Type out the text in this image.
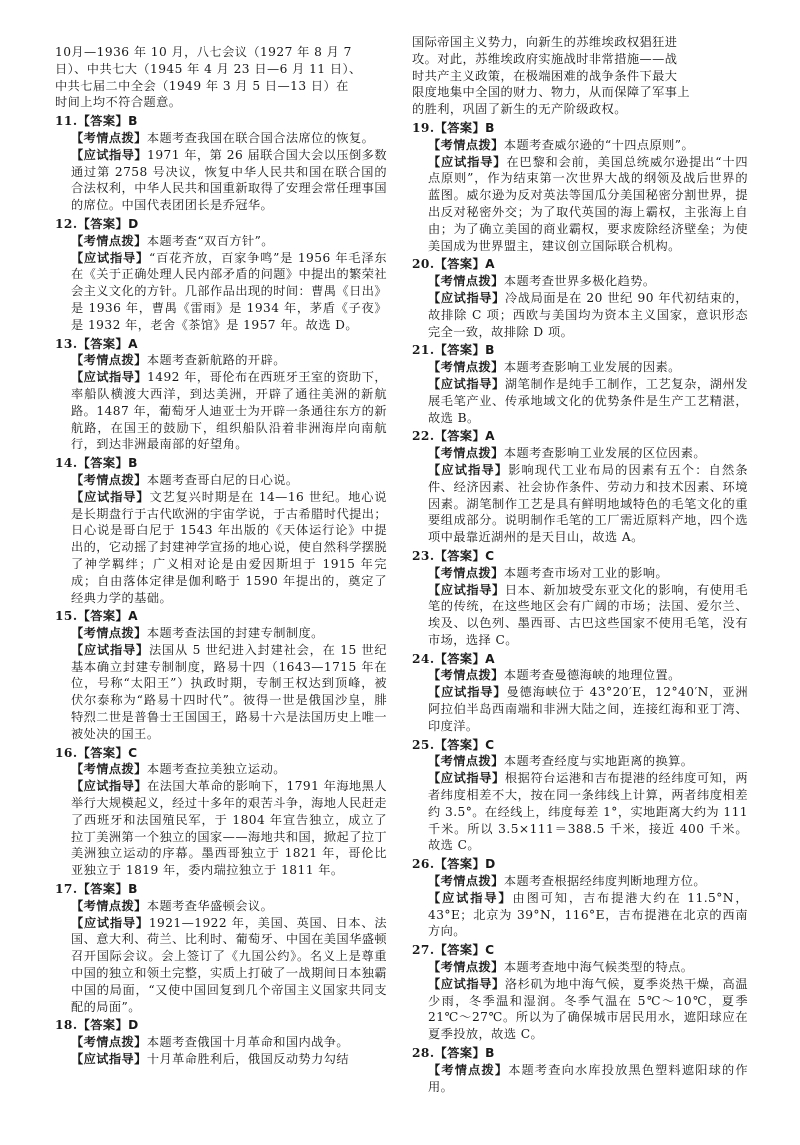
10月—1936 年 10 月，八七会议（1927 年 8 月 7
日）、中共七大（1945 年 4 月 23 日—6 月 11 日）、
中共七届二中全会（1949 年 3 月 5 日—13 日）在
时间上均不符合题意。
11.【答案】B
【考情点拨】本题考查我国在联合国合法席位的恢复。
【应试指导】1971 年，第 26 届联合国大会以压倒多数通过第 2758 号决议，恢复中华人民共和国在联合国的合法权利，中华人民共和国重新取得了安理会常任理事国的席位。中国代表团团长是乔冠华。
12.【答案】D
【考情点拨】本题考查“双百方针”。
【应试指导】“百花齐放，百家争鸣”是 1956 年毛泽东在《关于正确处理人民内部矛盾的问题》中提出的繁荣社会主义文化的方针。几部作品出现的时间：曹禺《日出》是 1936 年，曹禺《雷雨》是 1934 年，茅盾《子夜》是 1932 年，老舍《茶馆》是 1957 年。故选 D。
13.【答案】A
【考情点拨】本题考查新航路的开辟。
【应试指导】1492 年，哥伦布在西班牙王室的资助下，率船队横渡大西洋，到达美洲，开辟了通往美洲的新航路。1487 年，葡萄牙人迪亚士为开辟一条通往东方的新航路，在国王的鼓励下，组织船队沿着非洲海岸向南航行，到达非洲最南部的好望角。
14.【答案】B
【考情点拨】本题考查哥白尼的日心说。
【应试指导】文艺复兴时期是在 14—16 世纪。地心说是长期盘行于古代欧洲的宇宙学说，于古希腊时代提出；日心说是哥白尼于 1543 年出版的《天体运行论》中提出的，它动摇了封建神学宣扬的地心说，使自然科学摆脱了神学羁绊；广义相对论是由爱因斯坦于 1915 年完成；自由落体定律是伽利略于 1590 年提出的，奠定了经典力学的基础。
15.【答案】A
【考情点拨】本题考查法国的封建专制制度。
【应试指导】法国从 5 世纪进入封建社会，在 15 世纪基本确立封建专制制度，路易十四（1643—1715 年在位，号称“太阳王”）执政时期，专制王权达到顶峰，被伏尔泰称为“路易十四时代”。彼得一世是俄国沙皇，腓特烈二世是普鲁士王国国王，路易十六是法国历史上唯一被处决的国王。
16.【答案】C
【考情点拨】本题考查拉美独立运动。
【应试指导】在法国大革命的影响下，1791 年海地黑人举行大规模起义，经过十多年的艰苦斗争，海地人民赶走了西班牙和法国殖民军，于 1804 年宣告独立，成立了拉丁美洲第一个独立的国家——海地共和国，掀起了拉丁美洲独立运动的序幕。墨西哥独立于 1821 年，哥伦比亚独立于 1819 年，委内瑞拉独立于 1811 年。
17.【答案】B
【考情点拨】本题考查华盛顿会议。
【应试指导】1921—1922 年，美国、英国、日本、法国、意大利、荷兰、比利时、葡萄牙、中国在美国华盛顿召开国际会议。会上签订了《九国公约》。名义上是尊重中国的独立和领土完整，实质上打破了一战期间日本独霸中国的局面，“又使中国回复到几个帝国主义国家共同支配的局面”。
18.【答案】D
【考情点拨】本题考查俄国十月革命和国内战争。
【应试指导】十月革命胜利后，俄国反动势力勾结
国际帝国主义势力，向新生的苏维埃政权猖狂进
攻。对此，苏维埃政府实施战时非常措施——战
时共产主义政策，在极端困难的战争条件下最大
限度地集中全国的财力、物力，从而保障了军事上
的胜利，巩固了新生的无产阶级政权。
19.【答案】B
【考情点拨】本题考查威尔逊的“十四点原则”。
【应试指导】在巴黎和会前，美国总统威尔逊提出“十四点原则”，作为结束第一次世界大战的纲领及战后世界的蓝图。威尔逊为反对英法等国瓜分美国秘密分割世界，提出反对秘密外交；为了取代英国的海上霸权，主张海上自由；为了确立美国的商业霸权，要求废除经济壁垒；为使美国成为世界盟主，建议创立国际联合机构。
20.【答案】A
【考情点拨】本题考查世界多极化趋势。
【应试指导】冷战局面是在 20 世纪 90 年代初结束的，故排除 C 项；西欧与美国均为资本主义国家，意识形态完全一致，故排除 D 项。
21.【答案】B
【考情点拨】本题考查影响工业发展的因素。
【应试指导】湖笔制作是纯手工制作，工艺复杂，湖州发展毛笔产业、传承地域文化的优势条件是生产工艺精湛，故选 B。
22.【答案】A
【考情点拨】本题考查影响工业发展的区位因素。
【应试指导】影响现代工业布局的因素有五个：自然条件、经济因素、社会协作条件、劳动力和技术因素、环境因素。湖笔制作工艺是具有鲜明地域特色的毛笔文化的重要组成部分。说明制作毛笔的工厂需近原料产地，四个选项中最靠近湖州的是天目山，故选 A。
23.【答案】C
【考情点拨】本题考查市场对工业的影响。
【应试指导】日本、新加坡受东亚文化的影响，有使用毛笔的传统，在这些地区会有广阔的市场；法国、爱尔兰、埃及、以色列、墨西哥、古巴这些国家不使用毛笔，没有市场，选择 C。
24.【答案】A
【考情点拨】本题考查曼德海峡的地理位置。
【应试指导】曼德海峡位于 43°20′E，12°40′N，亚洲阿拉伯半岛西南端和非洲大陆之间，连接红海和亚丁湾、印度洋。
25.【答案】C
【考情点拨】本题考查经度与实地距离的换算。
【应试指导】根据符台运港和吉布提港的经纬度可知，两者纬度相差不大，按在同一条纬线上计算，两者纬度相差约 3.5°。在经线上，纬度每差 1°，实地距离大约为 111 千米。所以 3.5×111＝388.5 千米，接近 400 千米。故选 C。
26.【答案】D
【考情点拨】本题考查根据经纬度判断地理方位。
【应试指导】由图可知，吉布提港大约在 11.5°N，43°E；北京为 39°N，116°E，吉布提港在北京的西南方向。
27.【答案】C
【考情点拨】本题考查地中海气候类型的特点。
【应试指导】洛杉矶为地中海气候，夏季炎热干燥，高温少雨，冬季温和湿润。冬季气温在 5℃～10℃，夏季 21℃～27℃。所以为了确保城市居民用水，遮阳球应在夏季投放，故选 C。
28.【答案】B
【考情点拨】本题考查向水库投放黑色塑料遮阳球的作用。
